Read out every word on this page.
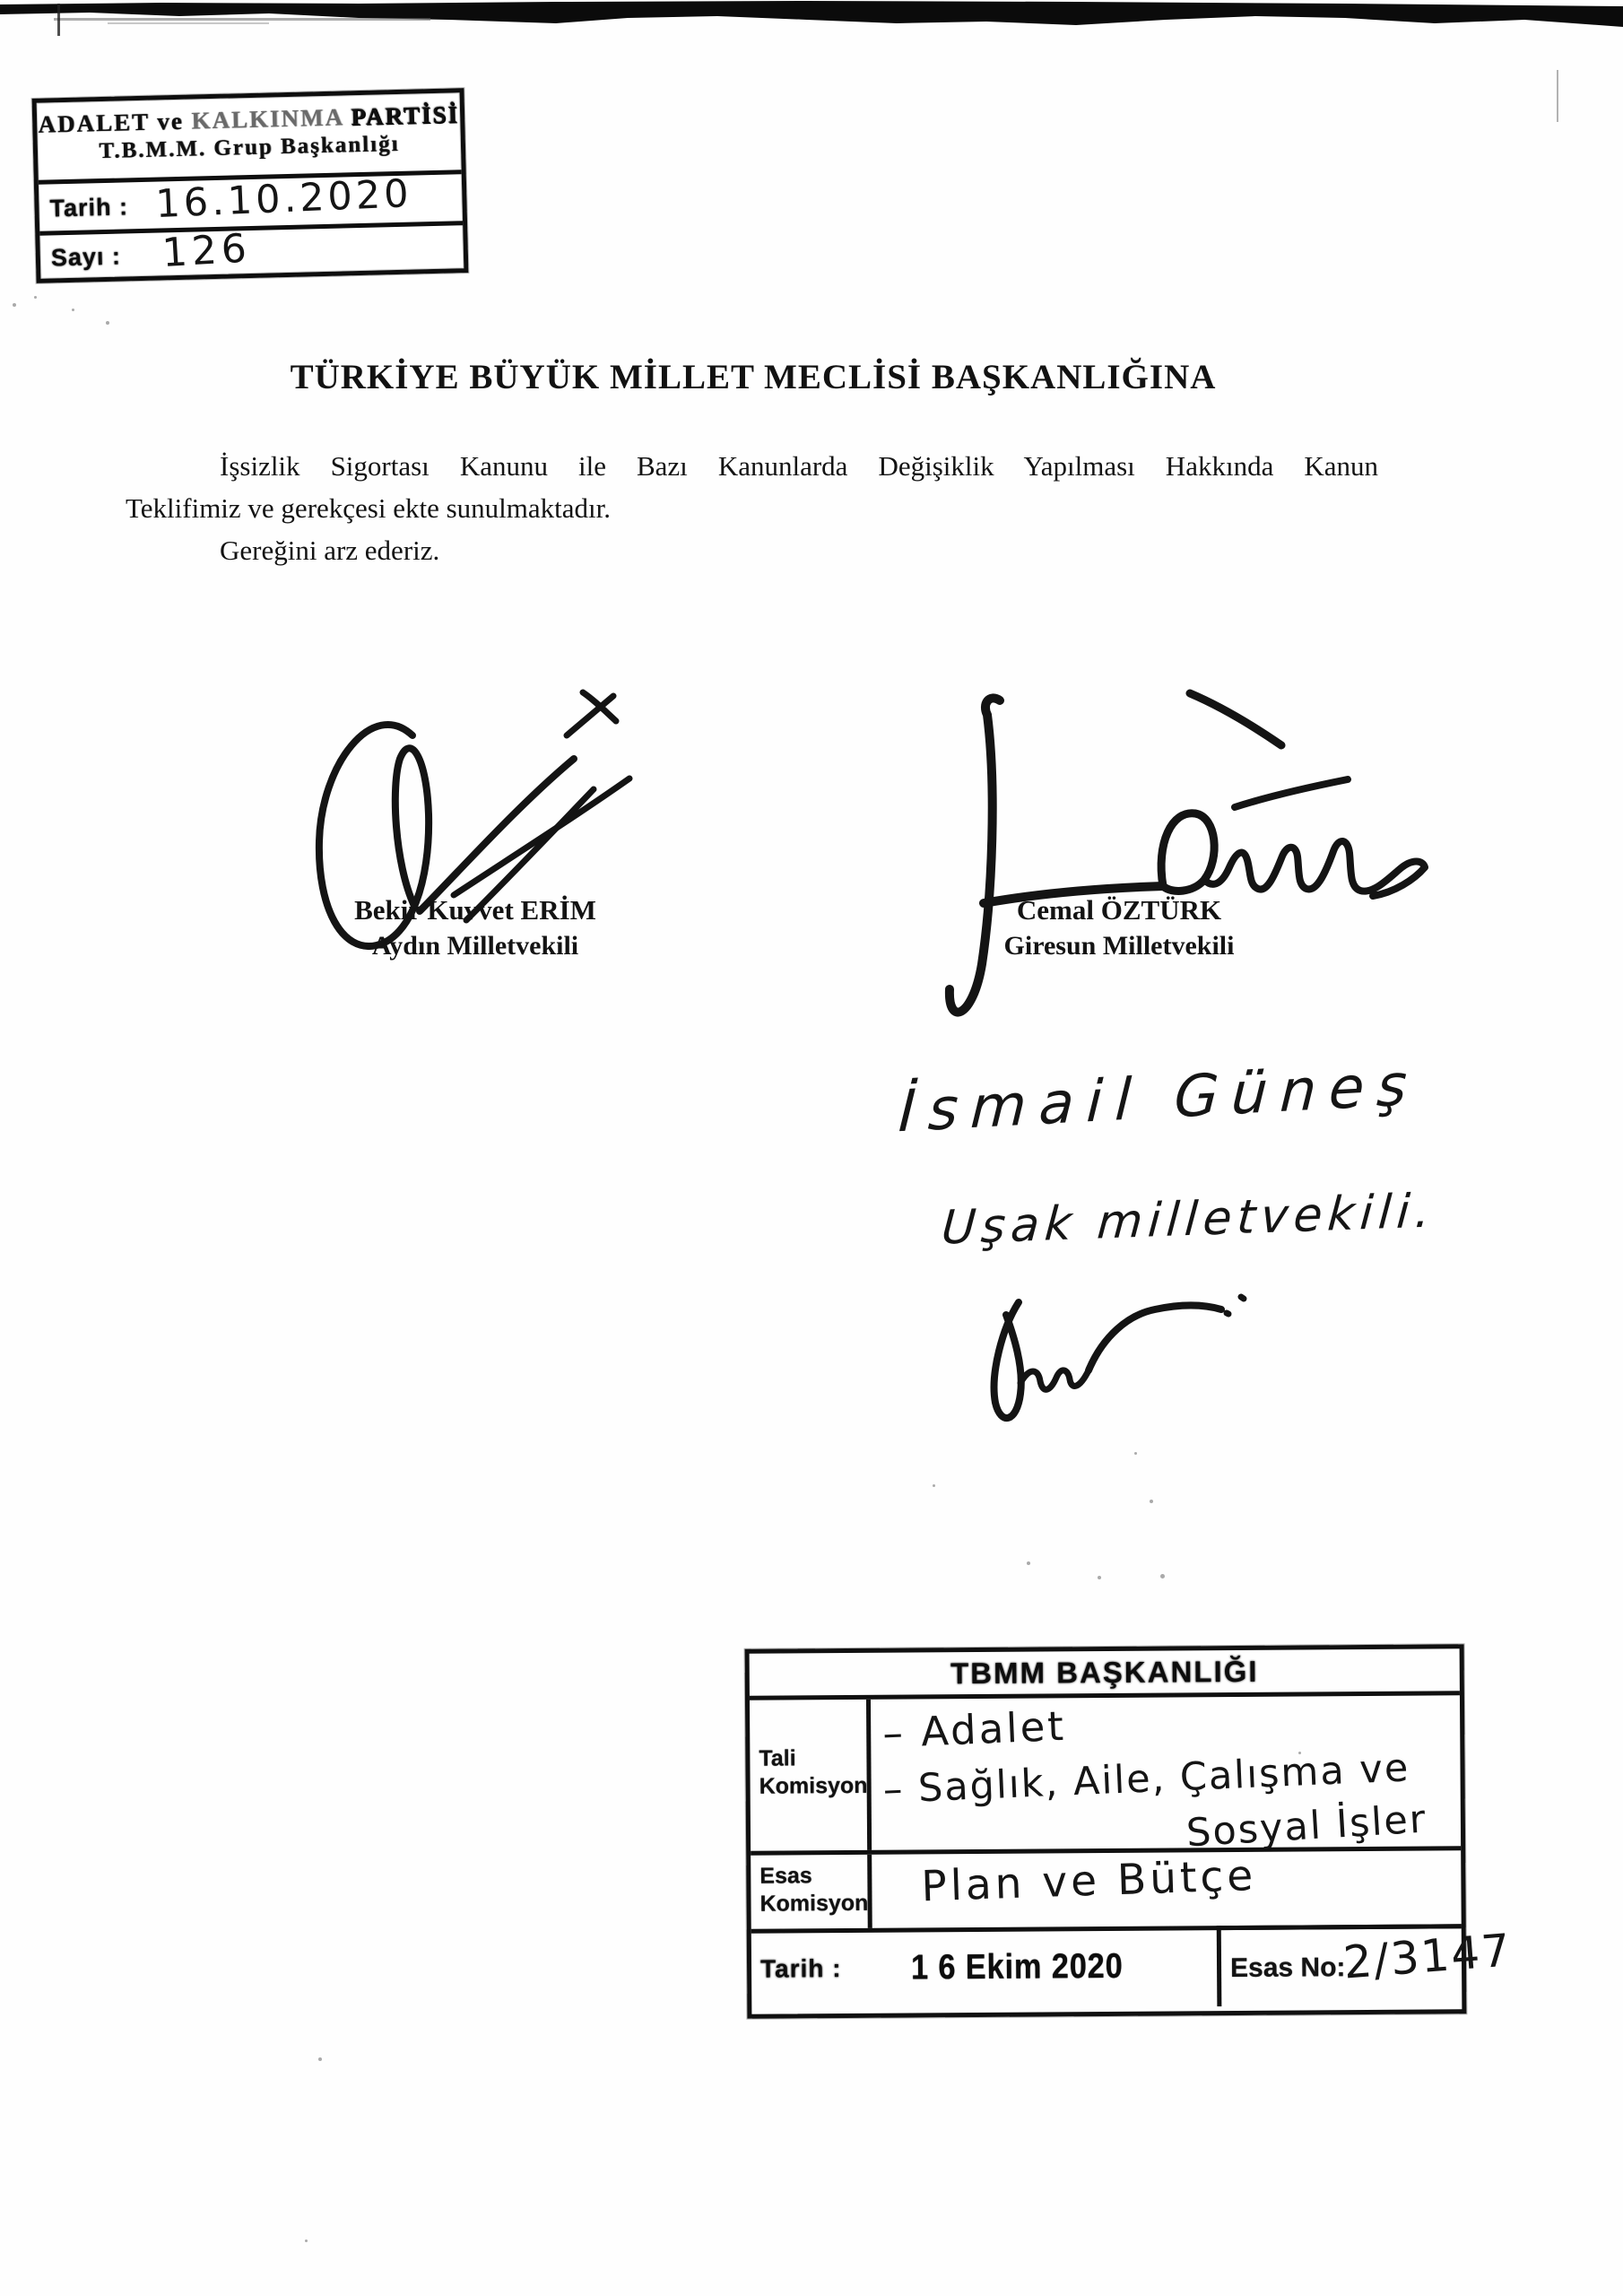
ADALET ve KALKINMA PARTİSİ
T.B.M.M. Grup Başkanlığı
Tarih : 16.10.2020
Sayı : 126
TÜRKİYE BÜYÜK MİLLET MECLİSİ BAŞKANLIĞINA
İşsizlik Sigortası Kanunu ile Bazı Kanunlarda Değişiklik Yapılması Hakkında Kanun
Teklifimiz ve gerekçesi ekte sunulmaktadır.
Gereğini arz ederiz.
Bekir Kuvvet ERİM
Aydın Milletvekili
Cemal ÖZTÜRK
Giresun Milletvekili
İsmail Güneş
Uşak milletvekili.
TBMM BAŞKANLIĞI
Tali Komisyon
– Adalet
– Sağlık, Aile, Çalışma ve
Sosyal İşler
Esas Komisyon Plan ve Bütçe
Tarih : 1 6 Ekim 2020	Esas No:
2/3147
